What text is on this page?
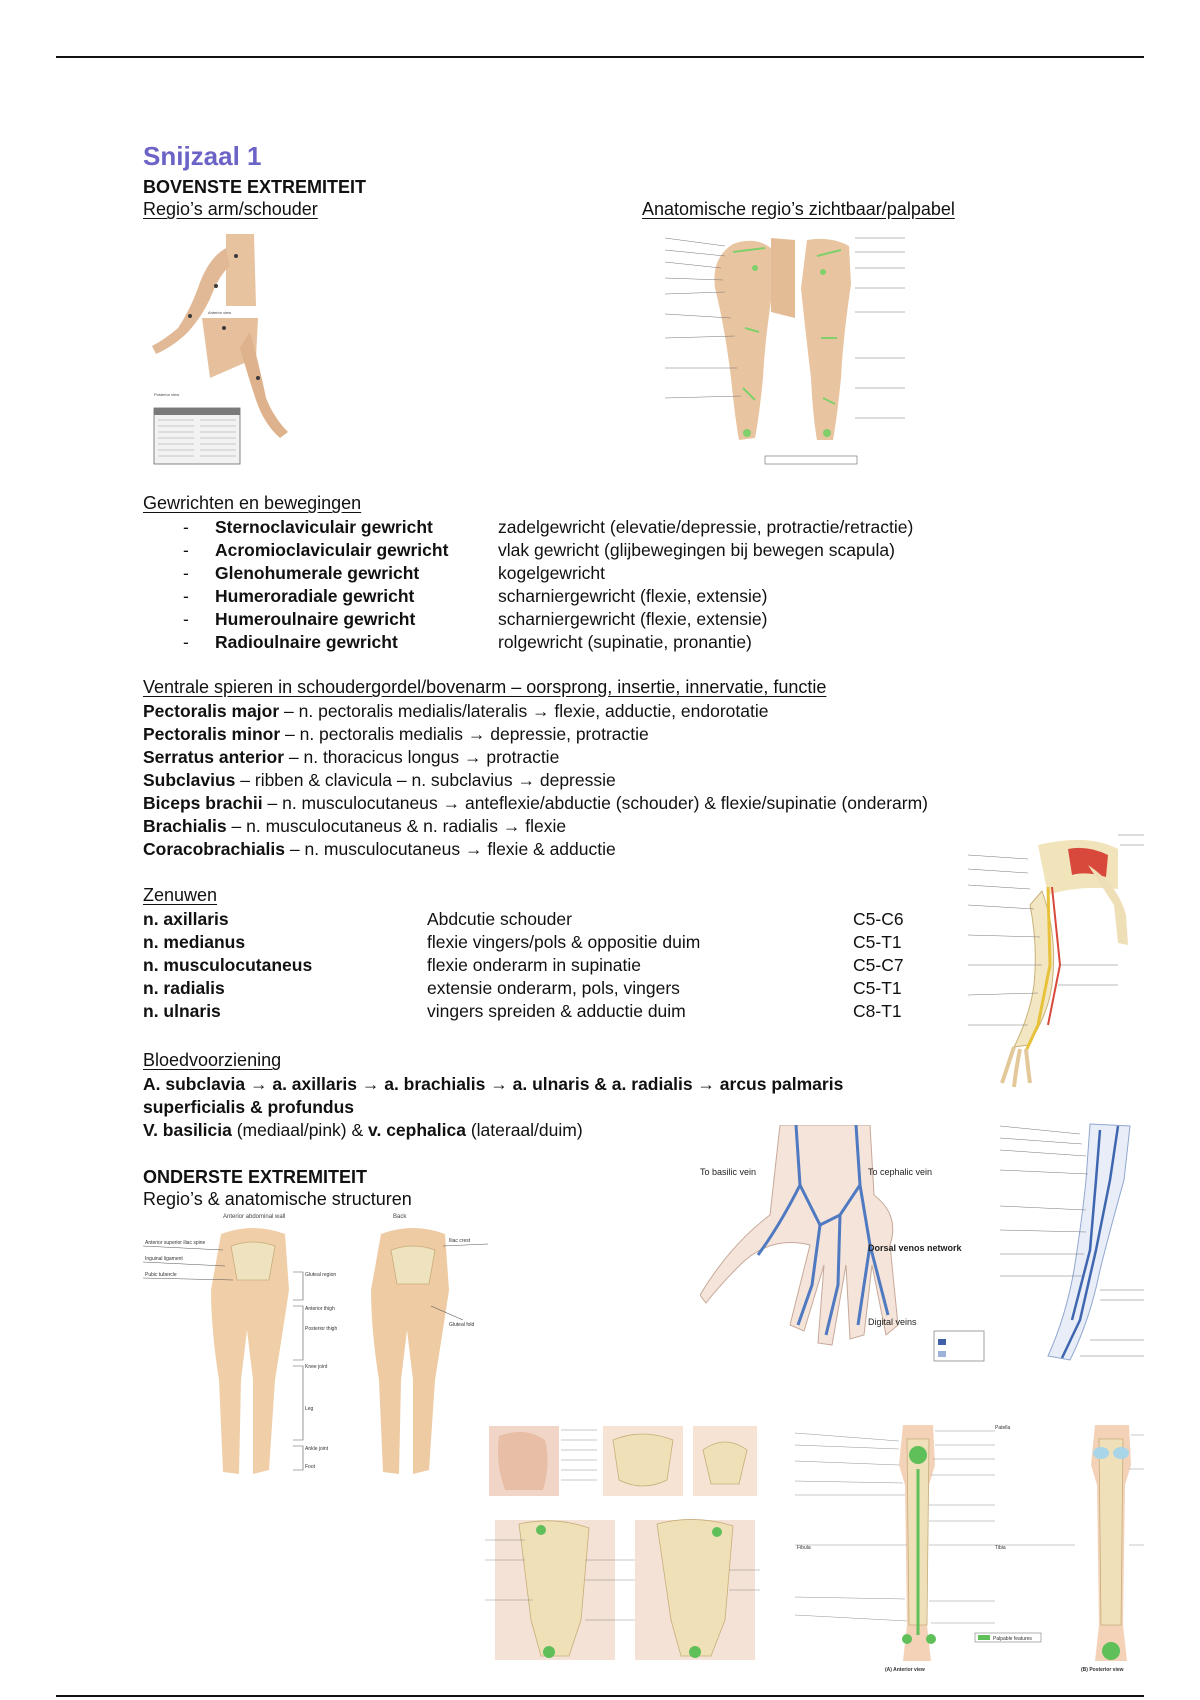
Snijzaal 1
BOVENSTE EXTREMITEIT
Regio’s arm/schouder	Anatomische regio’s zichtbaar/palpabel
Anterior view
Posterior view
Gewrichten en bewegingen
-	Sternoclaviculair gewricht	zadelgewricht (elevatie/depressie, protractie/retractie)
-	Acromioclaviculair gewricht	vlak gewricht (glijbewegingen bij bewegen scapula)
-	Glenohumerale gewricht	kogelgewricht
-	Humeroradiale gewricht	scharniergewricht (flexie, extensie)
-	Humeroulnaire gewricht	scharniergewricht (flexie, extensie)
-	Radioulnaire gewricht	rolgewricht (supinatie, pronantie)
Ventrale spieren in schoudergordel/bovenarm – oorsprong, insertie, innervatie, functie
Pectoralis major – n. pectoralis medialis/lateralis → flexie, adductie, endorotatie
Pectoralis minor – n. pectoralis medialis → depressie, protractie
Serratus anterior – n. thoracicus longus → protractie
Subclavius – ribben & clavicula – n. subclavius → depressie
Biceps brachii – n. musculocutaneus → anteflexie/abductie (schouder) & flexie/supinatie (onderarm)
Brachialis – n. musculocutaneus & n. radialis → flexie
Coracobrachialis – n. musculocutaneus → flexie & adductie
Zenuwen
n. axillaris	Abdcutie schouder	C5-C6
n. medianus	flexie vingers/pols & oppositie duim	C5-T1
n. musculocutaneus	flexie onderarm in supinatie	C5-C7
n. radialis	extensie onderarm, pols, vingers	C5-T1
n. ulnaris	vingers spreiden & adductie duim	C8-T1
Bloedvoorziening
A. subclavia → a. axillaris → a. brachialis → a. ulnaris & a. radialis → arcus palmaris
superficialis & profundus
V. basilicia (mediaal/pink) & v. cephalica (lateraal/duim)
To basilic vein	To cephalic vein
Dorsal venos network
Digital veins
ONDERSTE EXTREMITEIT
Regio’s & anatomische structuren
Anterior abdominal wall	Back
Anterior superior iliac spine
Inguinal ligament
Pubic tubercle	Gluteal region
Anterior thigh
Posterior thigh
Knee joint
Leg
Ankle joint
Foot
Iliac crest
Gluteal fold
Fibula
Patella
Tibia
Palpable features
(A) Anterior view	(B) Posterior view
